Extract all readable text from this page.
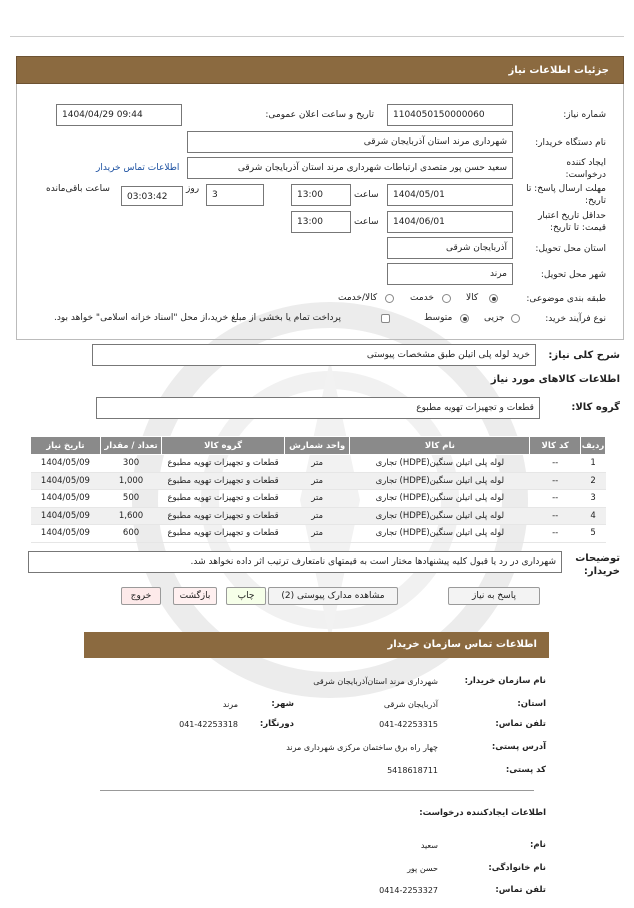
جزئیات اطلاعات نیاز
شماره نیاز:
1104050150000060
تاریخ و ساعت اعلان عمومی:
1404/04/29 09:44
نام دستگاه خریدار:
شهرداری مرند استان آذربایجان شرقی
ایجاد کننده درخواست:
سعید حسن پور متصدی ارتباطات شهرداری مرند استان آذربایجان شرقی
اطلاعات تماس خریدار
مهلت ارسال پاسخ: تا تاریخ:
1404/05/01
ساعت
13:00
3
روز
03:03:42
ساعت باقی‌مانده
حداقل تاریخ اعتبار قیمت: تا تاریخ:
1404/06/01
ساعت
13:00
استان محل تحویل:
آذربایجان شرقی
شهر محل تحویل:
مرند
طبقه بندی موضوعی:
کالا
خدمت
کالا/خدمت
نوع فرآیند خرید:
جزیی
متوسط
پرداخت تمام یا بخشی از مبلغ خرید،از محل "اسناد خزانه اسلامی" خواهد بود.
شرح کلی نیاز:
خرید لوله پلی اتیلن طبق مشخصات پیوستی
اطلاعات کالاهای مورد نیاز
گروه کالا:
قطعات و تجهیزات تهویه مطبوع
ردیف	کد کالا	نام کالا	واحد شمارش	گروه کالا	تعداد / مقدار	تاریخ نیاز
1	--	لوله پلی اتیلن سنگین(HDPE) تجاری	متر	قطعات و تجهیزات تهویه مطبوع	300	1404/05/09
2	--	لوله پلی اتیلن سنگین(HDPE) تجاری	متر	قطعات و تجهیزات تهویه مطبوع	1,000	1404/05/09
3	--	لوله پلی اتیلن سنگین(HDPE) تجاری	متر	قطعات و تجهیزات تهویه مطبوع	500	1404/05/09
4	--	لوله پلی اتیلن سنگین(HDPE) تجاری	متر	قطعات و تجهیزات تهویه مطبوع	1,600	1404/05/09
5	--	لوله پلی اتیلن سنگین(HDPE) تجاری	متر	قطعات و تجهیزات تهویه مطبوع	600	1404/05/09
توضیحات خریدار:
شهرداری در رد یا قبول کلیه پیشنهادها مختار است به قیمتهای نامتعارف ترتیب اثر داده نخواهد شد.
پاسخ به نیاز
مشاهده مدارک پیوستی (2)
چاپ
بازگشت
خروج
اطلاعات تماس سازمان خریدار
نام سازمان خریدار:
شهرداری مرند استان‌آذربایجان شرقی
استان:
آذربایجان شرقی
شهر:
مرند
تلفن تماس:
041-42253315
دورنگار:
041-42253318
آدرس پستی:
چهار راه برق ساختمان مرکزی شهرداری مرند
کد پستی:
5418618711
اطلاعات ایجادکننده درخواست:
نام:
سعید
نام خانوادگی:
حسن پور
تلفن تماس:
0414-2253327
